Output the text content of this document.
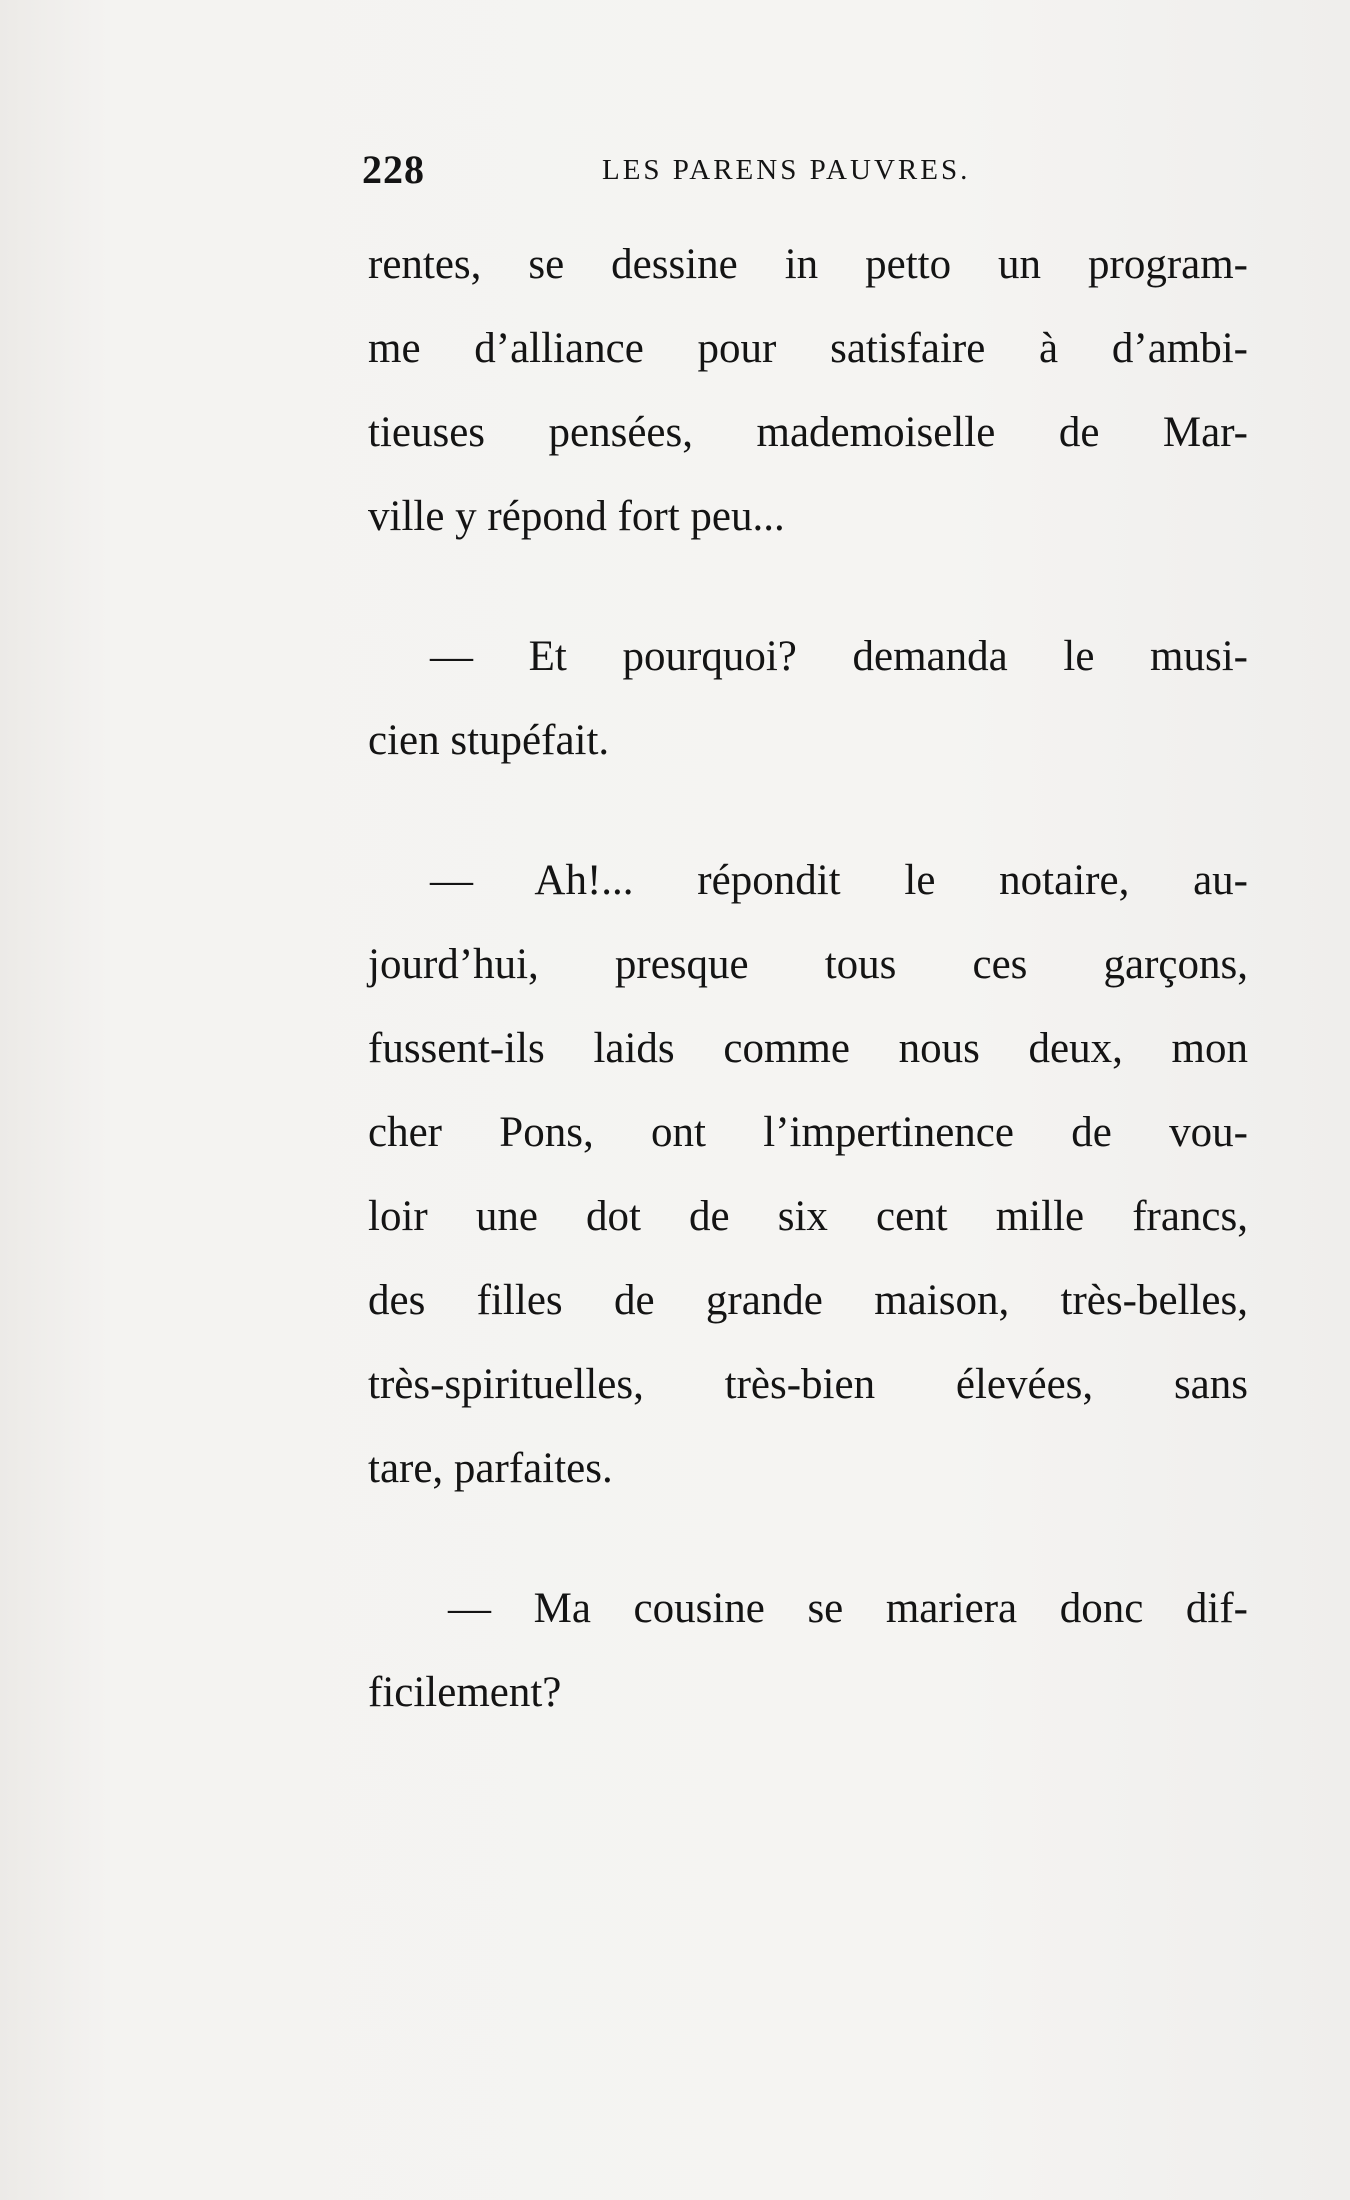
228	LES PARENS PAUVRES.
rentes, se dessine in petto un program-
me d’alliance pour satisfaire à d’ambi-
tieuses pensées, mademoiselle de Mar-
ville y répond fort peu...
— Et pourquoi? demanda le musi-
cien stupéfait.
— Ah!... répondit le notaire, au-
jourd’hui, presque tous ces garçons,
fussent-ils laids comme nous deux, mon
cher Pons, ont l’impertinence de vou-
loir une dot de six cent mille francs,
des filles de grande maison, très-belles,
très-spirituelles, très-bien élevées, sans
tare, parfaites.
— Ma cousine se mariera donc dif-
ficilement?
